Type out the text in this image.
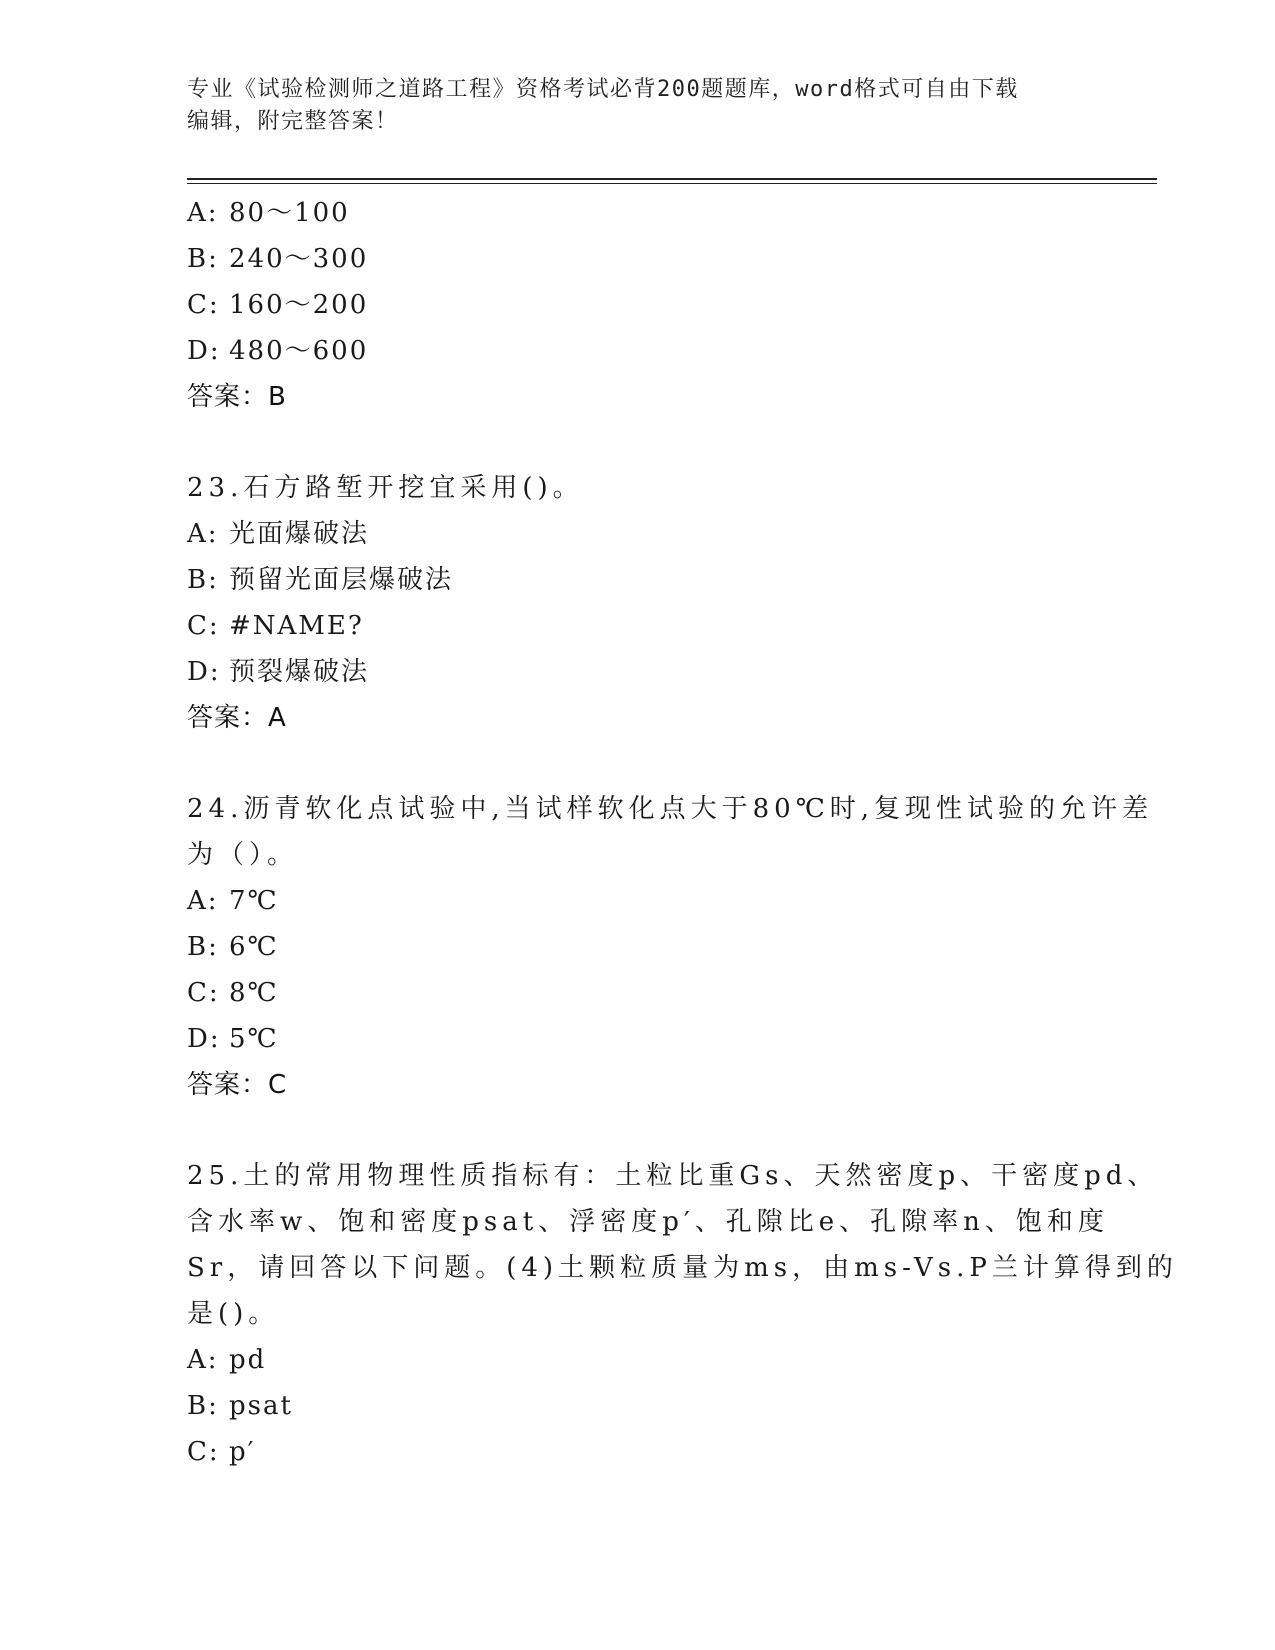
专业《试验检测师之道路工程》资格考试必背200题题库，word格式可自由下载
编辑，附完整答案！
A: 80～100
B: 240～300
C: 160～200
D: 480～600
答案：B
23.石方路堑开挖宜采用()。
A: 光面爆破法
B: 预留光面层爆破法
C: #NAME?
D: 预裂爆破法
答案：A
24.沥青软化点试验中,当试样软化点大于80℃时,复现性试验的允许差
为（）。
A: 7℃
B: 6℃
C: 8℃
D: 5℃
答案：C
25.土的常用物理性质指标有：土粒比重Gs、天然密度p、干密度pd、
含水率w、饱和密度psat、浮密度p′、孔隙比e、孔隙率n、饱和度
Sr，请回答以下问题。(4)土颗粒质量为ms，由ms-Vs.P兰计算得到的
是()。
A: pd
B: psat
C: p′
